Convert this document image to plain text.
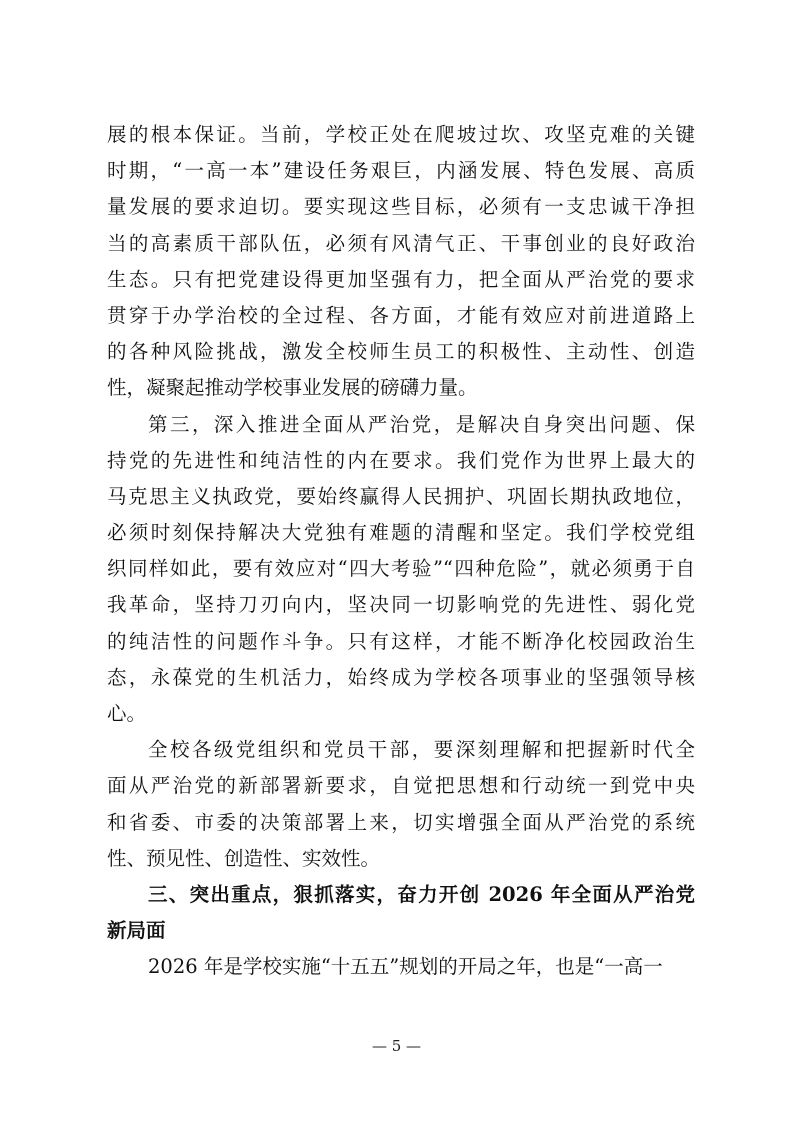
展的根本保证。当前，学校正处在爬坡过坎、攻坚克难的关键
时期，“一高一本”建设任务艰巨，内涵发展、特色发展、高质
量发展的要求迫切。要实现这些目标，必须有一支忠诚干净担
当的高素质干部队伍，必须有风清气正、干事创业的良好政治
生态。只有把党建设得更加坚强有力，把全面从严治党的要求
贯穿于办学治校的全过程、各方面，才能有效应对前进道路上
的各种风险挑战，激发全校师生员工的积极性、主动性、创造
性，凝聚起推动学校事业发展的磅礴力量。
第三，深入推进全面从严治党，是解决自身突出问题、保
持党的先进性和纯洁性的内在要求。我们党作为世界上最大的
马克思主义执政党，要始终赢得人民拥护、巩固长期执政地位，
必须时刻保持解决大党独有难题的清醒和坚定。我们学校党组
织同样如此，要有效应对“四大考验”“四种危险”，就必须勇于自
我革命，坚持刀刃向内，坚决同一切影响党的先进性、弱化党
的纯洁性的问题作斗争。只有这样，才能不断净化校园政治生
态，永葆党的生机活力，始终成为学校各项事业的坚强领导核
心。
全校各级党组织和党员干部，要深刻理解和把握新时代全
面从严治党的新部署新要求，自觉把思想和行动统一到党中央
和省委、市委的决策部署上来，切实增强全面从严治党的系统
性、预见性、创造性、实效性。
三、突出重点，狠抓落实，奋力开创 2026 年全面从严治党
新局面
2026 年是学校实施“十五五”规划的开局之年，也是“一高一
— 5 —
